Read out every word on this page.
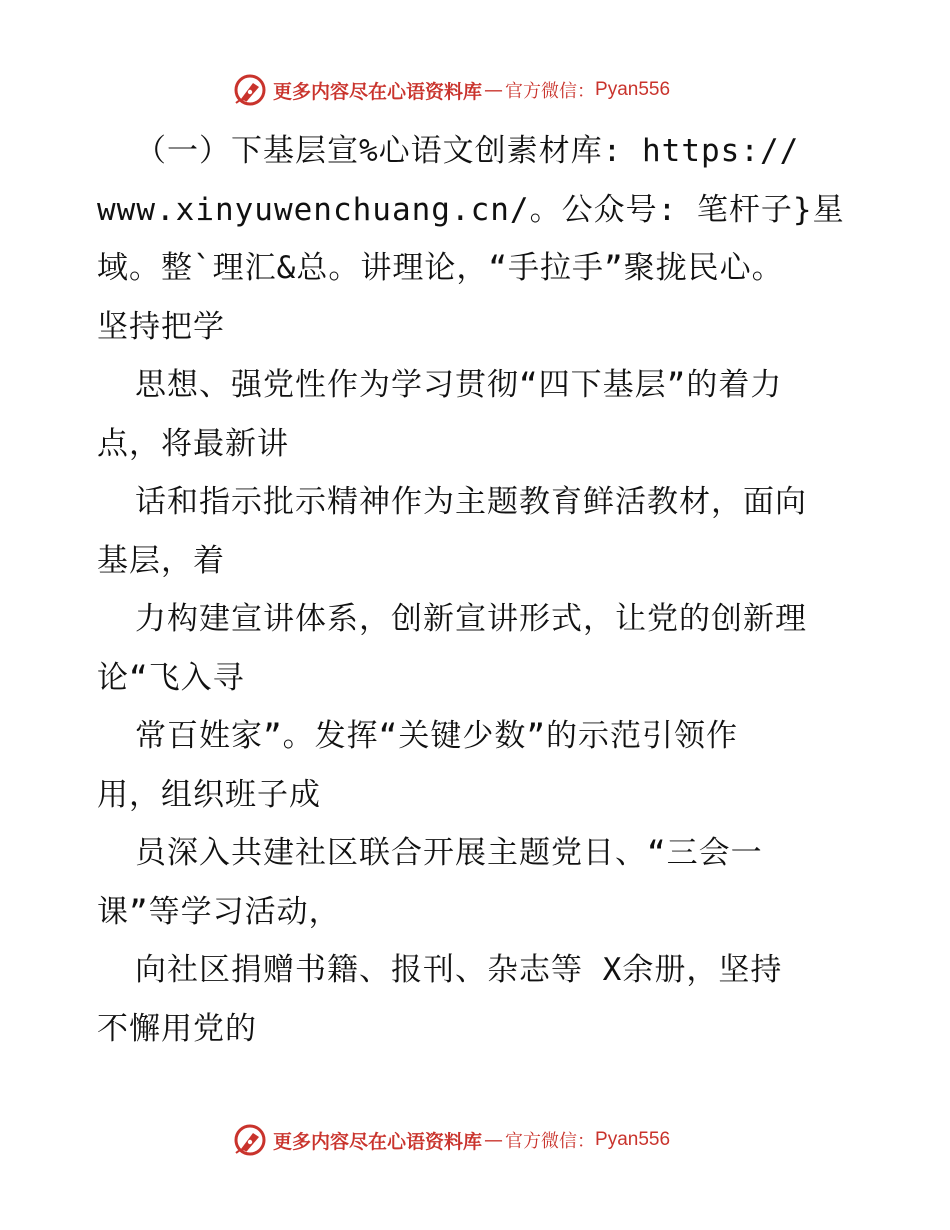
更多内容尽在心语资料库 — 官方微信： Pyan556
（一）下基层宣%心语文创素材库: https://
www.xinyuwenchuang.cn/。公众号: 笔杆子}星
域。整`理汇&总。讲理论，“手拉手”聚拢民心。
坚持把学
思想、强党性作为学习贯彻“四下基层”的着力
点，将最新讲
话和指示批示精神作为主题教育鲜活教材，面向
基层，着
力构建宣讲体系，创新宣讲形式，让党的创新理
论“飞入寻
常百姓家”。发挥“关键少数”的示范引领作
用，组织班子成
员深入共建社区联合开展主题党日、“三会一
课”等学习活动，
向社区捐赠书籍、报刊、杂志等 X余册，坚持
不懈用党的
更多内容尽在心语资料库 — 官方微信： Pyan556
